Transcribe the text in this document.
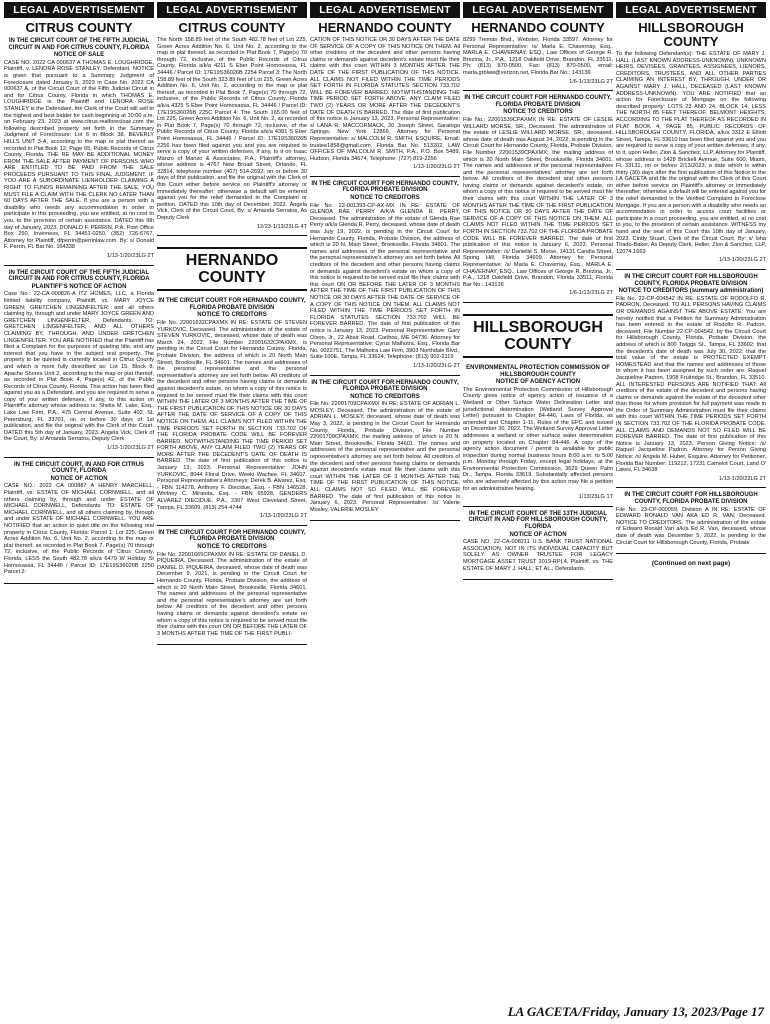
LEGAL ADVERTISEMENT
CITRUS COUNTY
IN THE CIRCUIT COURT OF THE FIFTH JUDICIAL CIRCUIT IN AND FOR CITRUS COUNTY, FLORIDA
NOTICE OF SALE

CASE NO. 2022 CA 000637 A THOMAS E. LOUGHRIDGE, Plaintiff, v. LENORA ROSE STANLEY, Defendant. NOTICE is given that pursuant to a Summary Judgment of Foreclosure dated January 5, 2023 in Case No. 2022 CA 000637 A, of the Circuit Court of the Fifth Judicial Circuit in and for Citrus County, Florida in which THOMAS E. LOUGHRIDGE is the Plaintiff and LENORA ROSE STANLEY is the Defendant, the Clerk of the Court will sell to the highest and best bidder for cash beginning at 10:00 a.m. on February 23, 2023 at www.citrus.realforeclose.com the following described property set forth in the Summary Judgment of Foreclosure: Lot 6 in Block 38, BEVERLY HILLS UNIT 3-A, according to the map or plat thereof as recorded in Plat Book 12, Page 65, Public Records of Citrus County, Florida. THE RE MAY BE ADDITIONAL MONEY FROM THE SALE AFTER PAYMENT OF PERSONS WHO ARE ENTITLED TO BE PAID FROM THE SALE PROCEEDS PURSUANT TO THIS FINAL JUDGMENT. IF YOU ARE A SUBORDINATE LIENHOLDER CLAIMING A RIGHT TO FUNDS REMAINING AFTER THE SALE, YOU MUST FILE A CLAIM WITH THE CLERK NO LATER THAN 60 DAYS AFTER THE SALE. If you are a person with a disability who needs any accommodation in order to participate in this proceeding, you are entitled, at no cost to you, to the provision of certain assistance. DATED this 9th day of January, 2023. DONALD F. PERRIN, P.A. Post Office Box 250, Inverness, FL 34451-0250, (352) 726-6767, Attorney for Plaintiff, dfperrin@perrinlaw.com. By: s/ Donald F. Perrin, FL Bar No. 164338

1/13-1/20/23LG 2T
IN THE CIRCUIT COURT OF THE FIFTH JUDICIAL CIRCUIT IN AND FOR CITRUS COUNTY, FLORIDA
PLAINTIFF'S NOTICE OF ACTION

Case No.: 22-CA-000826-A ITZ HOMES, LLC, a Florida limited liability company, Plaintiff, vs. MARY JOYCE GREEN; GRETCHEN LINGENFELTER; and all others claiming by, through and under MARY JOYCE GREEN AND GRETCHEN LINGENFELTER, Defendants. TO: GRETCHEN LINGENFELTER, AND ALL OTHERS CLAIMING BY, THROUGH, AND UNDER GRETCHEN LINGENFELTER. YOU ARE NOTIFIED that the Plaintiff has filed a Complaint for the purposes of quieting title, and any interest that you have in the subject real property. The property to be quieted is currently located in Citrus County and which is more fully described as: Lot 15, Block 8, Apache Shores Unit 2, according to the map or plat thereof, as recorded in Plat Book 4, Page(s) 42, of the Public Records of Citrus County, Florida. This action has been filed against you as a Defendant, and you are required to serve a copy of your written defenses, if any, to this action on Plaintiff's attorney whose address is: Sheila M. Lake, Esq., Lake Law Firm, P.A., 475 Central Avenue, Suite 402, St. Petersburg, FL 33701, on or before 30 days of 1st publication, and file the original with the Clerk of this Court. DATED this 5th day of January, 2023. Angela Vick, Clerk of the Court, By: s/ Amanda Serratos, Deputy Clerk

1/13-1/20/23LG 2T
IN THE CIRCUIT COURT, IN AND FOR CITRUS COUNTY, FLORIDA
NOTICE OF ACTION

CASE NO.: 2022 CA 000887 A HENRY MARCHELL, Plaintiff, vs. ESTATE OF MICHAEL CORNWELL, and all others claiming by, through and under ESTATE OF MICHAEL CORNWELL, Defendants. TO: ESTATE OF MICHAEL CORNWELL, and all others claiming by, through and under ESTATE OF MICHAEL CORNWELL. YOU ARE NOTIFIED that an action to quiet title on the following real property in Citrus County, Florida: Parcel 1: Lot 225, Green Acres Addition No. 6, Unit No. 2, according to the map or plat thereof, as recorded in Plat Book 7, Page(s) 70 through 72, inclusive, of the Public Records of Citrus County, Florida, LESS the South 482.78 a/k/a 6479 W Holiday St Homosassa, FL 34446 / Parcel ID: 17E19S36026B 2250 Parcel 2:

LEGAL ADVERTISEMENT
CITRUS COUNTY

The North 158.89 feet of the South 482.78 feet of Lot 225, Green Acres Addition No. 6, Unit No. 2, according to the map or plat thereof, as recorded in Plat Book 7, Page(s) 70 through 72, inclusive, of the Public Records of Citrus County, Florida a/k/a 4211 S Eber Point Homosassa, FL 34446 / Parcel ID: 17E19S36026B 2254 Parcel 3: The North 158.89 feet of the South 323.89 feet of Lot 225, Green Acres Addition No. 6, Unit No. 2, according to the map or plat thereof, as recorded in Plat Book 7, Page(s) 70 through 72, inclusive, of the Public Records of Citrus County, Florida a/k/a 4325 S Eber Point Homosassa, FL 34446 / Parcel ID: 17E19S36026B 225C Parcel 4: The South 165.00 feet of Lot 225, Green Acres Addition No. 6, Unit No. 2, as recorded in Plat Book 7, Page(s) 70 through 72, inclusive, of the Public Records of Citrus County, Florida a/k/a 4381 S Eber Point Homosassa, FL 34446 / Parcel ID: 17E19S36026B 2256 has been filed against you and you are required to serve a copy of your written defenses, if any, to it on Isaac Manzo of Manzo & Associates, P.A., Plaintiff's attorney, whose address is 4767 New Broad Street, Orlando, FL 32814, telephone number (407) 514-2692, on or before 30 days of first publication, and file the original with the Clerk of this Court either before service on Plaintiff's attorney or immediately thereafter; otherwise a default will be entered against you for the relief demanded in the Complaint or petition. DATED this 10th day of December, 2022. Angela Vick, Clerk of the Circuit Court, By: s/ Amanda Serratos, As Deputy Clerk

12/23-1/13/23LG 4T
HERNANDO COUNTY
IN THE CIRCUIT COURT FOR HERNANDO COUNTY, FLORIDA PROBATE DIVISION
NOTICE TO CREDITORS

File No. 22001632CPAXMX IN RE: ESTATE OF STEVEN YURKOVIC, Deceased. The administration of the estate of STEVEN YURKOVIC, deceased, whose date of death was March 24, 2022, File Number 22001632CPAXMX, is pending in the Circuit Court for Hernando County, Florida, Probate Division, the address of which is 20 North Main Street, Brooksville, FL 34601. The names and addresses of the personal representative and the personal representative's attorney are set forth below. All creditors of the decedent and other persons having claims or demands against decedent's estate, on whom a copy of this notice is required to be served must file their claims with this court WITHIN THE LATER OF 3 MONTHS AFTER THE TIME OF THE FIRST PUBLICATION OF THIS NOTICE OR 30 DAYS AFTER THE DATE OF SERVICE OF A COPY OF THIS NOTICE ON THEM. ALL CLAIMS NOT FILED WITHIN THE TIME PERIODS SET FORTH IN SECTION 733.702 OF THE FLORIDA PROBATE CODE WILL BE FOREVER BARRED. NOTWITHSTANDING THE TIME PERIOD SET FORTH ABOVE, ANY CLAIM FILED TWO (2) YEARS OR MORE AFTER THE DECEDENT'S DATE OF DEATH IS BARRED. The date of first publication of this notice is January 13, 2023. Personal Representative: JOHN YURKOVIC, 8044 Floral Drive, Weeki Wachee, FL 34607. Personal Representative's Attorneys: Derek B. Alvarez, Esq. - FBN 114278, Anthony F. Diecidue, Esq. - FBN 146528, Whitney C. Miranda, Esq. - FBN 65928, GENDERS ALVAREZ DIECIDUE, P.A., 2307 West Cleveland Street, Tampa, FL 33609, (813) 254-4744

1/13-1/20/23LG 2T
IN THE CIRCUIT COURT FOR HERNANDO COUNTY, FLORIDA PROBATE DIVISION
NOTICE TO CREDITORS

File No. 22001665CPAXMX IN RE: ESTATE OF DANIEL D. PIQUEIRA, Deceased. The administration of the estate of DANIEL D. PIQUEIRA, deceased, whose date of death was December 9, 2021, is pending in the Circuit Court for Hernando County, Florida, Probate Division, the address of which is 20 North Main Street, Brooksville, Florida 34601. The names and addresses of the personal representative and the personal representative's attorney are set forth below. All creditors of the decedent and other persons having claims or demands against decedent's estate on whom a copy of this notice is required to be served must file their claims with this court ON OR BEFORE THE LATER OF 3 MONTHS AFTER THE TIME OF THE FIRST PUBLI-

LEGAL ADVERTISEMENT
HERNANDO COUNTY

CATION OF THIS NOTICE OR 30 DAYS AFTER THE DATE OF SERVICE OF A COPY OF THIS NOTICE ON THEM. All other creditors of the decedent and other persons having claims or demands against decedent's estate must file their claims with this court WITHIN 3 MONTHS AFTER THE DATE OF THE FIRST PUBLICATION OF THIS NOTICE. ALL CLAIMS NOT FILED WITHIN THE TIME PERIODS SET FORTH IN FLORIDA STATUTES SECTION 733.702 WILL BE FOREVER BARRED. NOTWITHSTANDING THE TIME PERIOD SET FORTH ABOVE, ANY CLAIM FILED TWO (2) YEARS OR MORE AFTER THE DECEDENT'S DATE OF DEATH IS BARRED. The date of first publication of this notice is January 13, 2023. Personal Representative: s/ LANA R. MACCORMACK, 20 Joseph Street, Saratoga Springs, New York 12866. Attorney for Personal Representative: s/ MALCOLM R. SMITH, ESQUIRE, Email: trustee1858@gmail.com, Florida Bar No. 513202, LAW OFFICES OF MALCOLM R. SMITH, P.A., P.O. Box 5489, Hudson, Florida 34674, Telephone: (727) 819-2256

1/13-1/20/23LG 2T
IN THE CIRCUIT COURT FOR HERNANDO COUNTY, FLORIDA PROBATE DIVISION
NOTICE TO CREDITORS

File No. 22-001393-CP-AX-MX IN RE: ESTATE OF GLENDA RAE PERRY A/K/A GLENDA R. PERRY, Deceased. The administration of the estate of Glenda Rae Perry a/k/a Glenda R. Perry, deceased, whose date of death was July 19, 2022, is pending in the Circuit Court for Hernando County, Florida, Probate Division, the address of which is 20 N. Main Street, Brooksville, Florida 34601. The names and addresses of the personal representative and the personal representative's attorney are set forth below. All creditors of the decedent and other persons having claims or demands against decedent's estate on whom a copy of this notice is required to be served must file their claims with this court ON OR BEFORE THE LATER OF 3 MONTHS AFTER THE TIME OF THE FIRST PUBLICATION OF THIS NOTICE OR 30 DAYS AFTER THE DATE OF SERVICE OF A COPY OF THIS NOTICE ON THEM. ALL CLAIMS NOT FILED WITHIN THE TIME PERIODS SET FORTH IN FLORIDA STATUTES SECTION 733.702 WILL BE FOREVER BARRED. The date of first publication of this notice is January 13, 2023. Personal Representative: Gary Olson, Jr., 22 Abair Road, Caribou, ME 04736. Attorney for Personal Representative: Cyrus Malhotra, Esq., Florida Bar No. 0022751, The Malhotra Law Firm, 3903 Northdale Blvd., Suite 100E, Tampa, FL 33624, Telephone: (813) 902-2119

1/13-1/20/23LG 2T
IN THE CIRCUIT COURT FOR HERNANDO COUNTY, FLORIDA PROBATE DIVISION
NOTICE TO CREDITORS

File No. 22001709CPAXMX IN RE: ESTATE OF ADRIAN L. MOSLEY, Deceased. The administration of the estate of ADRIAN L. MOSLEY, deceased, whose date of death was May 3, 2022, is pending in the Circuit Court for Hernando County, Florida, Probate Division, File Number 22001709CPAXMX; the mailing address of which is 20 N. Main Street, Brooksville, Florida 34601. The names and addresses of the personal representative and the personal representative's attorney are set forth below. All creditors of the decedent and other persons having claims or demands against decedent's estate must file their claims with this court WITHIN THE LATER OF 3 MONTHS AFTER THE TIME OF THE FIRST PUBLICATION OF THIS NOTICE. ALL CLAIMS NOT SO FILED WILL BE FOREVER BARRED. The date of first publication of this notice is January 6, 2023. Personal Representative: /s/ Valerie Mosley, VALERIE MOSLEY

LEGAL ADVERTISEMENT
HERNANDO COUNTY

8299 Treman Blvd., Webster, Florida 33597. Attorney for Personal Representative: /s/ Marla E. Chavernay, Esq., MARLA E. CHAVERNAY, ESQ., Law Offices of George R. Brezina, Jr., P.A., 1218 Oakfield Drive, Brandon, FL 33511, Ph: (813) 870-0500, Fax: (813) 870-0500, email: marla.grblaw@verizon.net, Florida Bar No.: 143136

1/6-1/13/23LG 2T
IN THE CIRCUIT COURT FOR HERNANDO COUNTY, FLORIDA PROBATE DIVISION
NOTICE TO CREDITORS

File No.: 22001539CPAXMX IN RE: ESTATE OF LESLIE WILLARD MORSE, SR., Deceased. The administration of the estate of LESLIE WILLARD MORSE, SR., deceased, whose date of death was August 24, 2022, is pending in the Circuit Court for Hernando County, Florida, Probate Division, File Number 22001539CPAXMX; the mailing address of which is 20 North Main Street, Brooksville, Florida 34601. The names and addresses of the personal representatives and the personal representatives' attorney are set forth below. All creditors of the decedent and other persons having claims or demands against decedent's estate, on whom a copy of this notice is required to be served must file their claims with this court WITHIN THE LATER OF 3 MONTHS AFTER THE TIME OF THE FIRST PUBLICATION OF THIS NOTICE OR 30 DAYS AFTER THE DATE OF SERVICE OF A COPY OF THIS NOTICE ON THEM. ALL CLAIMS NOT FILED WITHIN THE TIME PERIODS SET FORTH IN SECTION 733.702 OF THE FLORIDA PROBATE CODE WILL BE FOREVER BARRED. The date of first publication of this notice is January 6, 2023. Personal Representative: /s/ Danielle S. Morse, 14131 Candia Street, Spring Hill, Florida 34609. Attorney for Personal Representative: /s/ Marla E. Chavernay, Esq., MARLA E. CHAVERNAY, ESQ., Law Offices of George R. Brezina, Jr., P.A., 1218 Oakfield Drive, Brandon, Florida 33511, Florida Bar No.: 143136

1/6-1/13/23LG 2T
HILLSBOROUGH COUNTY
ENVIRONMENTAL PROTECTION COMMISSION OF HILLSBOROUGH COUNTY
NOTICE OF AGENCY ACTION

The Environmental Protection Commission of Hillsborough County gives notice of agency action of issuance of a Wetland or Other Surface Water Delineation Letter and jurisdictional determination (Wetland Survey Approval Letter) pursuant to Chapter 84-446, Laws of Florida, as amended and Chapter 1-11, Rules of the EPC and issued on December 30, 2022. The Wetland Survey Approval Letter addresses a wetland or other surface water determination on property located on Chapter 84-446. A copy of the agency action document / permit is available for public inspection during normal business hours 8:00 a.m. to 5:00 p.m. Monday through Friday, except legal holidays, at the Environmental Protection Commission, 3629 Queen Palm Dr., Tampa, Florida 33619. Substantially affected persons who are adversely affected by this action may file a petition for an administrative hearing.

1/13/23LG 1T
IN THE CIRCUIT COURT OF THE 13TH JUDICIAL CIRCUIT IN AND FOR HILLSBOROUGH COUNTY, FLORIDA
NOTICE OF ACTION

CASE NO. 22-CA-008211 U.S. BANK TRUST NATIONAL ASSOCIATION, NOT IN ITS INDIVIDUAL CAPACITY BUT SOLELY AS OWNER TRUSTEE FOR LEGACY MORTGAGE ASSET TRUST 2019-RPL4, Plaintiff, vs. THE ESTATE OF MARY J. HALL; ET AL., Defendants.

LEGAL ADVERTISEMENT
HILLSBOROUGH COUNTY

To the following Defendant(s): THE ESTATE OF MARY J. HALL (LAST KNOWN ADDRESS-UNKNOWN), UNKNOWN HEIRS, DEVISEES, GRANTEES, ASSIGNEES, LIENORS, CREDITORS, TRUSTEES, AND ALL OTHER PARTIES CLAIMING AN INTEREST BY, THROUGH, UNDER OR AGAINST MARY J. HALL, DECEASED (LAST KNOWN ADDRESS-UNKNOWN). YOU ARE NOTIFIED that an action for Foreclosure of Mortgage on the following described property: LOTS 23 AND 24, BLOCK 14, LESS THE NORTH 85 FEET THEREOF, BELMONT HEIGHTS, ACCORDING TO THE PLAT THEREOF AS RECORDED IN PLAT BOOK 4, PAGE 85, PUBLIC RECORDS OF HILLSBOROUGH COUNTY, FLORIDA, a/k/a 3312 E Elliott Street, Tampa, FL 33610 has been filed against you and you are required to serve a copy of your written defenses, if any, to it, upon Heller, Zion & Sanchez, LLP, Attorney for Plaintiff, whose address is 1428 Brickell Avenue, Suite 600, Miami, FL 33131, on or before 2/13/2023, a date which is within thirty (30) days after the first publication of this Notice in the LA GACETA and file the original with the Clerk of this Court either before service on Plaintiff's attorney or immediately thereafter; otherwise a default will be entered against you for the relief demanded in the Verified Complaint to Foreclose Mortgage. If you are a person with a disability who needs an accommodation in order to access court facilities or participate in a court proceeding, you are entitled, at no cost to you, to the provision of certain assistance. WITNESS my hand and the seal of this Court this 10th day of January, 2023. Cindy Stuart, Clerk of the Circuit Court, By: s/ Isha Tirado-Baker, As Deputy Clerk, Heller, Zion & Sanchez, LLP, 12074.1663

1/13-1/20/23LG 2T
IN THE CIRCUIT COURT FOR HILLSBOROUGH COUNTY, FLORIDA PROBATE DIVISION
NOTICE TO CREDITORS (summary administration)

File No. 22-CP-004542 IN RE: ESTATE OF RODOLFO R. PADRON, Deceased. TO ALL PERSONS HAVING CLAIMS OR DEMANDS AGAINST THE ABOVE ESTATE: You are hereby notified that a Petition for Summary Administration has been entered in the estate of Rodolfo R. Padron, deceased, File Number 22-CP-004542, by the Circuit Court for Hillsborough County, Florida, Probate Division, the address of which is 800 Twiggs St., Tampa, FL 33602; that the decedent's date of death was July 30, 2022; that the total value of the estate is PROTECTED EXEMPT HOMESTEAD and that the names and addresses of those to whom it has been assigned by such order are: Raquel Jacqueline Padron, 1908 Fruitridge St., Brandon, FL 33510. ALL INTERESTED PERSONS ARE NOTIFIED THAT: All creditors of the estate of the decedent and persons having claims or demands against the estate of the decedent other than those for whom provision for full payment was made in the Order of Summary Administration must file their claims with this court WITHIN THE TIME PERIODS SET FORTH IN SECTION 733.702 OF THE FLORIDA PROBATE CODE. ALL CLAIMS AND DEMANDS NOT SO FILED WILL BE FOREVER BARRED. The date of first publication of this Notice is January 13, 2023. Person Giving Notice: /s/ Raquel Jacqueline Padron. Attorney for Person Giving Notice: /s/ Angela M. Huber, Esquire, Attorney for Petitioner, Florida Bar Number: 119212, 17231 Camelot Court, Land O' Lakes, FL 34638

1/13-1/20/23LG 2T
IN THE CIRCUIT COURT FOR HILLSBOROUGH COUNTY, FLORIDA PROBATE DIVISION

File No. 23-CP-000059, Division A IN RE: ESTATE OF EDWARD RONALD VAN AKA ED R. VAN, Deceased. NOTICE TO CREDITORS. The administration of the estate of Edward Ronald Van a/k/a Ed R. Van, deceased, whose date of death was December 5, 2022, is pending in the Circuit Court for Hillsborough County, Florida, Probate

(Continued on next page)
LA GACETA/Friday, January 13, 2023/Page 17
